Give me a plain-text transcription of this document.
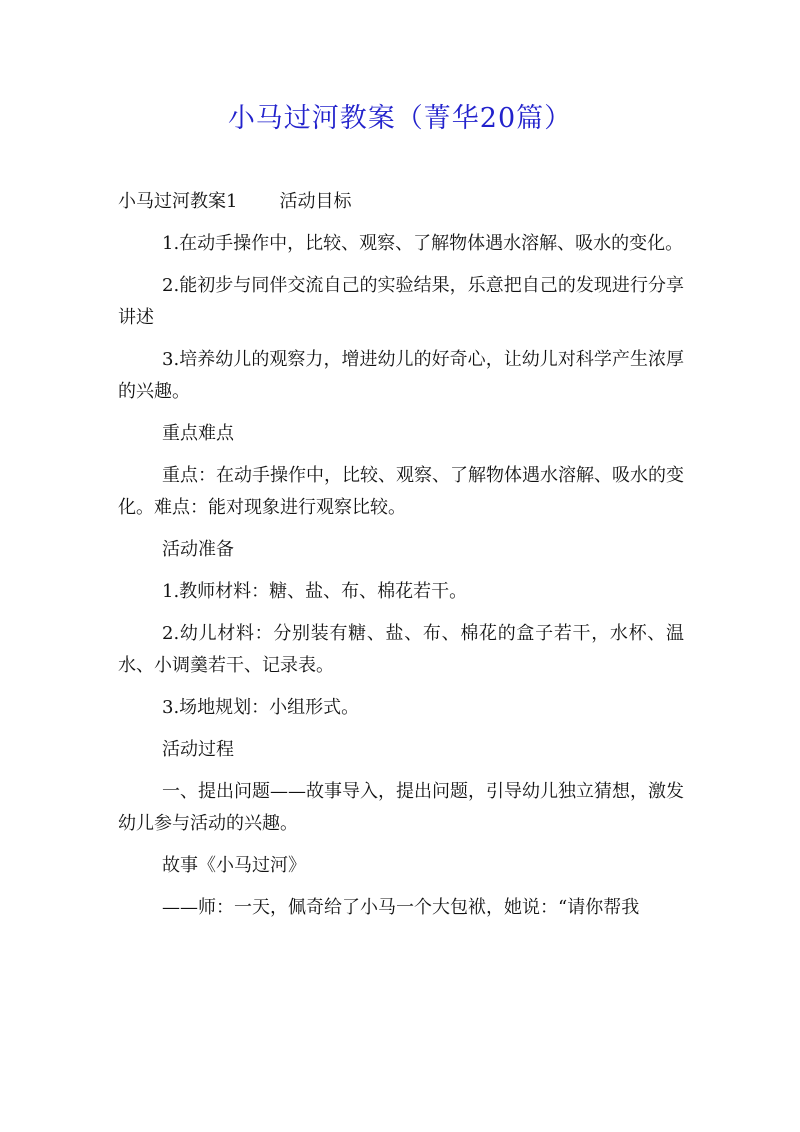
小马过河教案（菁华20篇）

小马过河教案1 活动目标

1.在动手操作中，比较、观察、了解物体遇水溶解、吸水的变化。

2.能初步与同伴交流自己的实验结果，乐意把自己的发现进行分享讲述

3.培养幼儿的观察力，增进幼儿的好奇心，让幼儿对科学产生浓厚的兴趣。

重点难点

重点：在动手操作中，比较、观察、了解物体遇水溶解、吸水的变化。难点：能对现象进行观察比较。

活动准备

1.教师材料：糖、盐、布、棉花若干。

2.幼儿材料：分别装有糖、盐、布、棉花的盒子若干，水杯、温水、小调羹若干、记录表。

3.场地规划：小组形式。

活动过程

一、提出问题——故事导入，提出问题，引导幼儿独立猜想，激发幼儿参与活动的兴趣。

故事《小马过河》

——师：一天，佩奇给了小马一个大包袱，她说：“请你帮我
